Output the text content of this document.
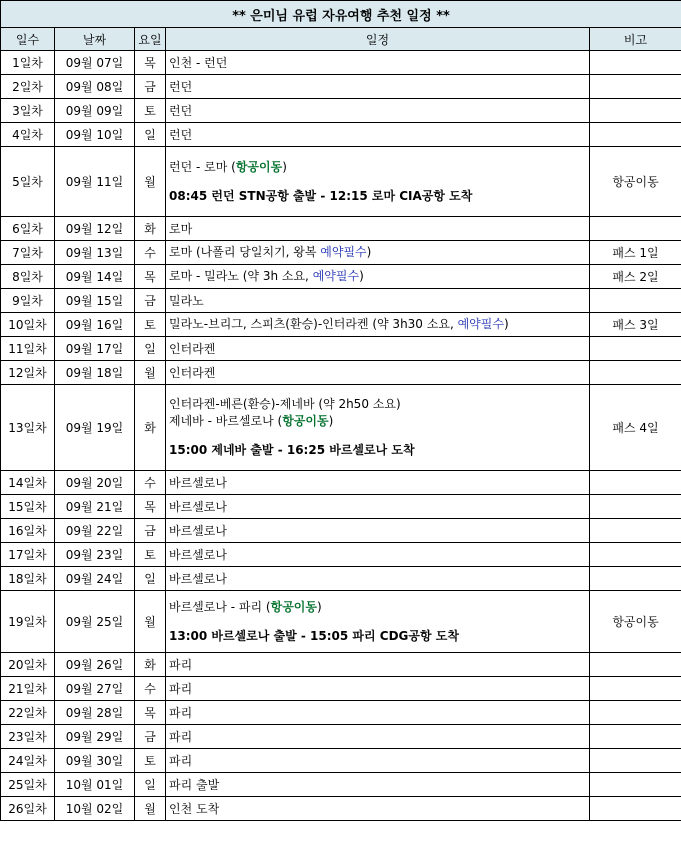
** 은미님 유럽 자유여행 추천 일정 **				
일수	날짜	요일	일정	비고
1일차	09월 07일	목	인천 - 런던	
2일차	09월 08일	금	런던	
3일차	09월 09일	토	런던	
4일차	09월 10일	일	런던	
5일차	09월 11일	월	런던 - 로마 (항공이동)
08:45 런던 STN공항 출발 - 12:15 로마 CIA공항 도착	항공이동
6일차	09월 12일	화	로마	
7일차	09월 13일	수	로마 (나폴리 당일치기, 왕복 예약필수)	패스 1일
8일차	09월 14일	목	로마 - 밀라노 (약 3h 소요, 예약필수)	패스 2일
9일차	09월 15일	금	밀라노	
10일차	09월 16일	토	밀라노-브리그, 스피츠(환승)-인터라켄 (약 3h30 소요, 예약필수)	패스 3일
11일차	09월 17일	일	인터라켄	
12일차	09월 18일	월	인터라켄	
13일차	09월 19일	화	인터라켄-베른(환승)-제네바 (약 2h50 소요)
제네바 - 바르셀로나 (항공이동)
15:00 제네바 출발 - 16:25 바르셀로나 도착	패스 4일
14일차	09월 20일	수	바르셀로나	
15일차	09월 21일	목	바르셀로나	
16일차	09월 22일	금	바르셀로나	
17일차	09월 23일	토	바르셀로나	
18일차	09월 24일	일	바르셀로나	
19일차	09월 25일	월	바르셀로나 - 파리 (항공이동)
13:00 바르셀로나 출발 - 15:05 파리 CDG공항 도착	항공이동
20일차	09월 26일	화	파리	
21일차	09월 27일	수	파리	
22일차	09월 28일	목	파리	
23일차	09월 29일	금	파리	
24일차	09월 30일	토	파리	
25일차	10월 01일	일	파리 출발	
26일차	10월 02일	월	인천 도착	
